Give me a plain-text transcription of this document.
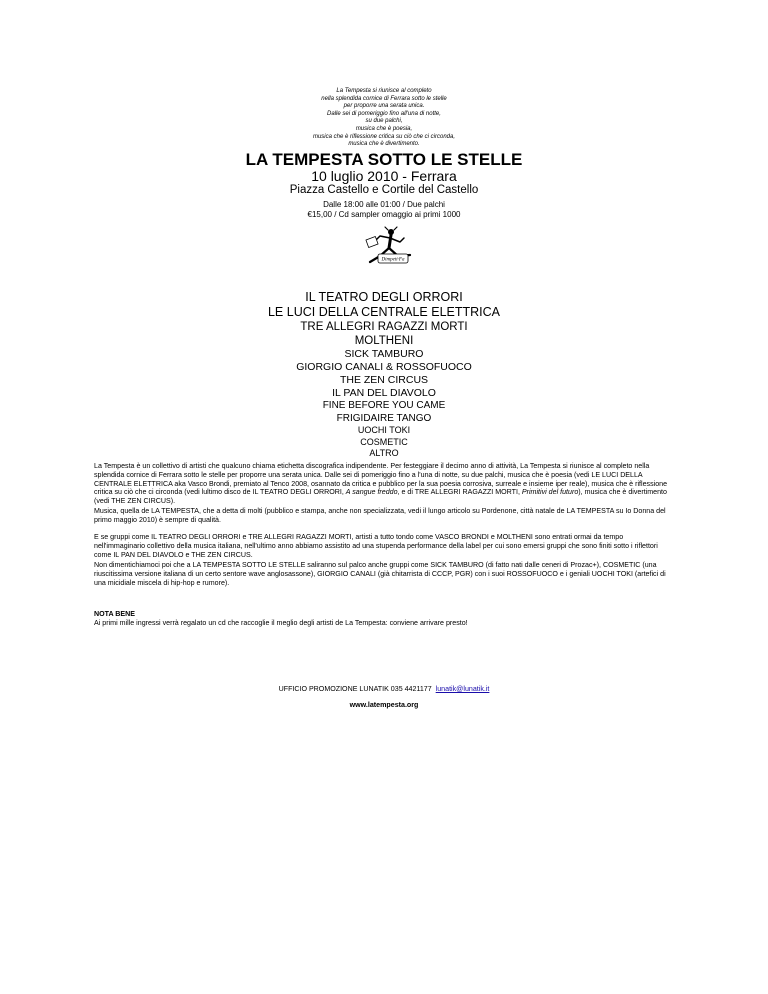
La Tempesta si riunisce al completo
nella splendida cornice di Ferrara sotto le stelle
per proporre una serata unica.
Dalle sei di pomeriggio fino all'una di notte,
su due palchi,
musica che è poesia,
musica che è riflessione critica su ciò che ci circonda,
musica che è divertimento.
LA TEMPESTA SOTTO LE STELLE
10 luglio 2010 - Ferrara
Piazza Castello e Cortile del Castello
Dalle 18:00 alle 01:00 / Due palchi
€15,00 / Cd sampler omaggio ai primi 1000
Dimpeti·Fa
IL TEATRO DEGLI ORRORI
LE LUCI DELLA CENTRALE ELETTRICA
TRE ALLEGRI RAGAZZI MORTI
MOLTHENI
SICK TAMBURO
GIORGIO CANALI & ROSSOFUOCO
THE ZEN CIRCUS
IL PAN DEL DIAVOLO
FINE BEFORE YOU CAME
FRIGIDAIRE TANGO
UOCHI TOKI
COSMETIC
ALTRO
La Tempesta è un collettivo di artisti che qualcuno chiama etichetta discografica indipendente. Per festeggiare il decimo anno di attività, La Tempesta si riunisce al completo nella splendida cornice di Ferrara sotto le stelle per proporre una serata unica. Dalle sei di pomeriggio fino a l'una di notte, su due palchi, musica che è poesia (vedi LE LUCI DELLA CENTRALE ELETTRICA aka Vasco Brondi, premiato al Tenco 2008, osannato da critica e pubblico per la sua poesia corrosiva, surreale e insieme iper reale), musica che è riflessione critica su ciò che ci circonda (vedi lultimo disco de IL TEATRO DEGLI ORRORI, A sangue freddo, e di TRE ALLEGRI RAGAZZI MORTI, Primitivi del futuro), musica che è divertimento (vedi THE ZEN CIRCUS).
Musica, quella de LA TEMPESTA, che a detta di molti (pubblico e stampa, anche non specializzata, vedi il lungo articolo su Pordenone, città natale de LA TEMPESTA su Io Donna del primo maggio 2010) è sempre di qualità.
E se gruppi come IL TEATRO DEGLI ORRORI e TRE ALLEGRI RAGAZZI MORTI, artisti a tutto tondo come VASCO BRONDI e MOLTHENI sono entrati ormai da tempo nell'immaginario collettivo della musica italiana, nell'ultimo anno abbiamo assistito ad una stupenda performance della label per cui sono emersi gruppi che sono finiti sotto i riflettori come IL PAN DEL DIAVOLO e THE ZEN CIRCUS.
Non dimentichiamoci poi che a LA TEMPESTA SOTTO LE STELLE saliranno sul palco anche gruppi come SICK TAMBURO (di fatto nati dalle ceneri di Prozac+), COSMETIC (una riuscitissima versione italiana di un certo sentore wave anglosassone), GIORGIO CANALI (già chitarrista di CCCP, PGR) con i suoi ROSSOFUOCO e i geniali UOCHI TOKI (artefici di una micidiale miscela di hip-hop e rumore).
NOTA BENE
Ai primi mille ingressi verrà regalato un cd che raccoglie il meglio degli artisti de La Tempesta: conviene arrivare presto!
UFFICIO PROMOZIONE LUNATIK 035 4421177 lunatik@lunatik.it
www.latempesta.org
